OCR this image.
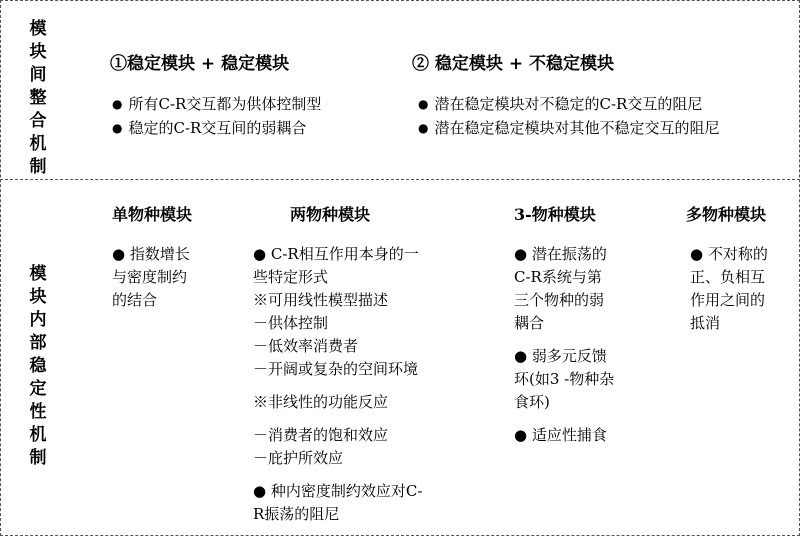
模块间整合机制
模块内部稳定性机制
①稳定模块 + 稳定模块
● 所有C-R交互都为供体控制型
● 稳定的C-R交互间的弱耦合
② 稳定模块 + 不稳定模块
● 潜在稳定模块对不稳定的C-R交互的阻尼
● 潜在稳定稳定模块对其他不稳定交互的阻尼
单物种模块	两物种模块	3-物种模块	多物种模块
● 指数增长
与密度制约
的结合
● C-R相互作用本身的一
些特定形式
※可用线性模型描述
－供体控制
－低效率消费者
－开阔或复杂的空间环境
※非线性的功能反应
－消费者的饱和效应
－庇护所效应
● 种内密度制约效应对C-
R振荡的阻尼
● 潜在振荡的
C-R系统与第
三个物种的弱
耦合
● 弱多元反馈
环(如3 -物种杂
食环)
● 适应性捕食
● 不对称的
正、负相互
作用之间的
抵消
